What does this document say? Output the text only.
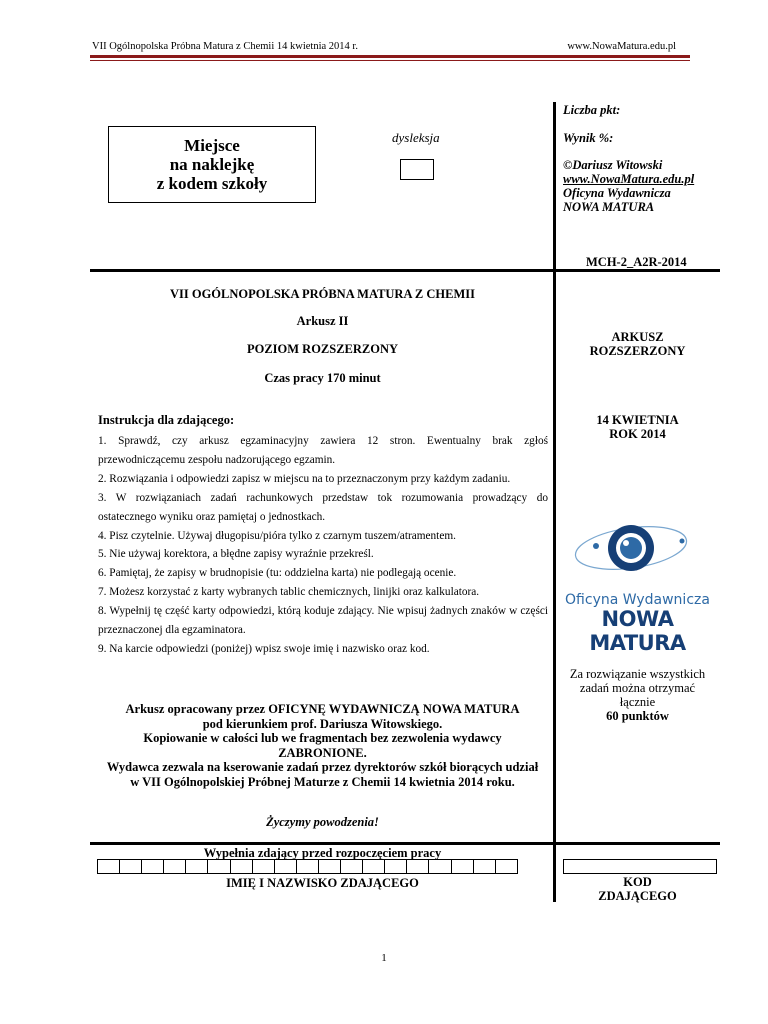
VII Ogólnopolska Próbna Matura z Chemii 14 kwietnia 2014 r.	www.NowaMatura.edu.pl
Miejsce
na naklejkę
z kodem szkoły
dysleksja
Liczba pkt:
Wynik %:
©Dariusz Witowski
www.NowaMatura.edu.pl
Oficyna Wydawnicza
NOWA MATURA
MCH-2_A2R-2014
ARKUSZ
ROZSZERZONY
14 KWIETNIA
ROK 2014
Oficyna Wydawnicza
NOWA MATURA
Za rozwiązanie wszystkich
zadań można otrzymać
łącznie
60 punktów
VII OGÓLNOPOLSKA PRÓBNA MATURA Z CHEMII
Arkusz II
POZIOM ROZSZERZONY
Czas pracy 170 minut
Instrukcja dla zdającego:

1. Sprawdź, czy arkusz egzaminacyjny zawiera 12 stron. Ewentualny brak zgłoś przewodniczącemu zespołu nadzorującego egzamin.

2. Rozwiązania i odpowiedzi zapisz w miejscu na to przeznaczonym przy każdym zadaniu.

3. W rozwiązaniach zadań rachunkowych przedstaw tok rozumowania prowadzący do ostatecznego wyniku oraz pamiętaj o jednostkach.

4. Pisz czytelnie. Używaj długopisu/pióra tylko z czarnym tuszem/atramentem.

5. Nie używaj korektora, a błędne zapisy wyraźnie przekreśl.

6. Pamiętaj, że zapisy w brudnopisie (tu: oddzielna karta) nie podlegają ocenie.

7. Możesz korzystać z karty wybranych tablic chemicznych, linijki oraz kalkulatora.

8. Wypełnij tę część karty odpowiedzi, którą koduje zdający. Nie wpisuj żadnych znaków w części przeznaczonej dla egzaminatora.

9. Na karcie odpowiedzi (poniżej) wpisz swoje imię i nazwisko oraz kod.

Arkusz opracowany przez OFICYNĘ WYDAWNICZĄ NOWA MATURA
pod kierunkiem prof. Dariusza Witowskiego.
Kopiowanie w całości lub we fragmentach bez zezwolenia wydawcy
ZABRONIONE.
Wydawca zezwala na kserowanie zadań przez dyrektorów szkół biorących udział
w VII Ogólnopolskiej Próbnej Maturze z Chemii 14 kwietnia 2014 roku.
Życzymy powodzenia!
Wypełnia zdający przed rozpoczęciem pracy
IMIĘ I NAZWISKO ZDAJĄCEGO	KOD
ZDAJĄCEGO
1
